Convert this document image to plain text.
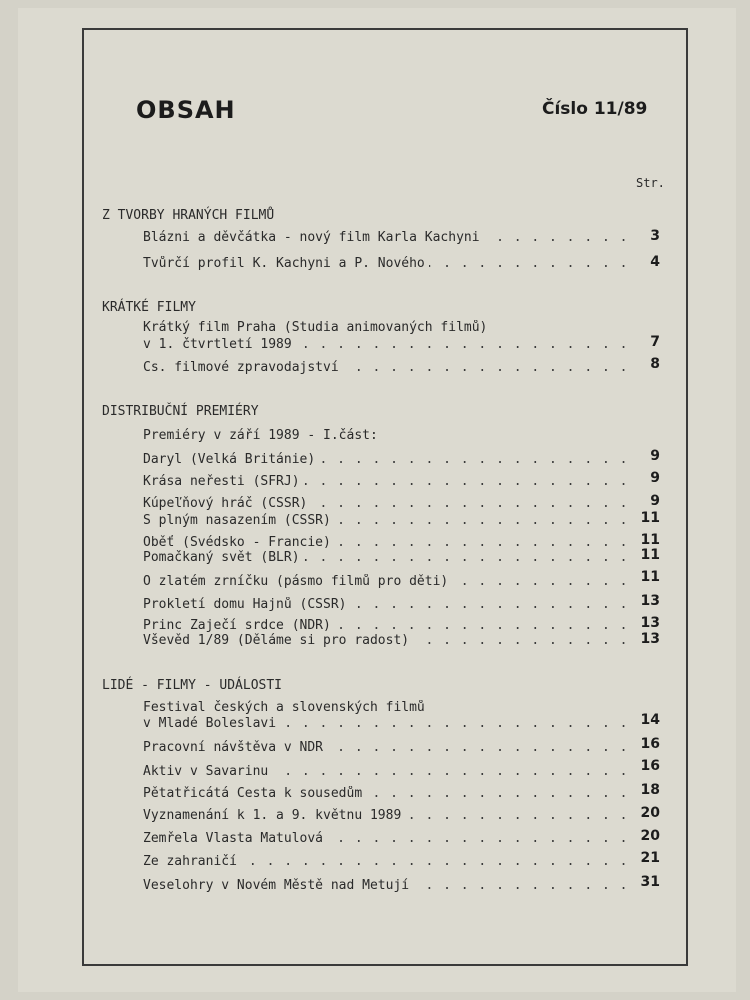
OBSAH	Číslo 11/89
Str.
Z TVORBY HRANÝCH FILMŮ
Blázni a děvčátka - nový film Karla Kachyni . . .	3
Tvůrčí profil K. Kachyni a P. Nového . . .	4
KRÁTKÉ FILMY
Krátký film Praha (Studia animovaných filmů)
v 1. čtvrtletí 1989 . . .	7
Čs. filmové zpravodajství . . .	8
DISTRIBUČNÍ PREMIÉRY
Premiéry v září 1989 - I.část:
Daryl (Velká Británie) . . .	9
Krása neřesti (SFRJ) . . .	9
Kúpeľňový hráč (ČSSR) . . .	9
S plným nasazením (ČSSR) . . .	11
Oběť (Švédsko - Francie) . . .	11
Pomačkaný svět (BLR) . . .	11
O zlatém zrníčku (pásmo filmů pro děti) . . .	11
Prokletí domu Hajnů (ČSSR) . . .	13
Princ Zaječí srdce (NDR) . . .	13
Vševěd 1/89 (Děláme si pro radost) . . .	13
LIDÉ - FILMY - UDÁLOSTI
Festival českých a slovenských filmů
v Mladé Boleslavi . . .	14
Pracovní návštěva v NDR . . .	16
Aktiv v Savarinu . . .	16
Pětatřicátá Cesta k sousedům . . .	18
Vyznamenání k 1. a 9. květnu 1989 . . .	20
Zemřela Vlasta Matulová . . .	20
Ze zahraničí . . .	21
Veselohry v Novém Městě nad Metují . . .	31
